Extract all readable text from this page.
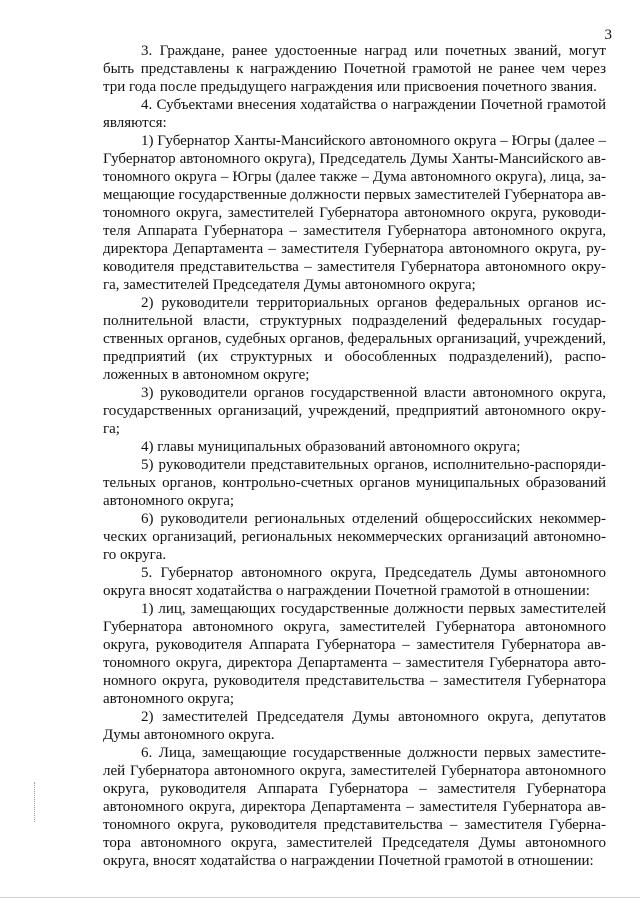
3

3. Граждане, ранее удостоенные наград или почетных званий, могут быть представлены к награждению Почетной грамотой не ранее чем через три года после предыдущего награждения или присвоения почетного звания.

4. Субъектами внесения ходатайства о награждении Почетной грамотой являются:

1) Губернатор Ханты-Мансийского автономного округа – Югры (далее – Губернатор автономного округа), Председатель Думы Ханты-Мансийского автономного округа – Югры (далее также – Дума автономного округа), лица, замещающие государственные должности первых заместителей Губернатора автономного округа, заместителей Губернатора автономного округа, руководителя Аппарата Губернатора – заместителя Губернатора автономного округа, директора Департамента – заместителя Губернатора автономного округа, руководителя представительства – заместителя Губернатора автономного округа, заместителей Председателя Думы автономного округа;

2) руководители территориальных органов федеральных органов исполнительной власти, структурных подразделений федеральных государственных органов, судебных органов, федеральных организаций, учреждений, предприятий (их структурных и обособленных подразделений), расположенных в автономном округе;

3) руководители органов государственной власти автономного округа, государственных организаций, учреждений, предприятий автономного округа;

4) главы муниципальных образований автономного округа;

5) руководители представительных органов, исполнительно-распорядительных органов, контрольно-счетных органов муниципальных образований автономного округа;

6) руководители региональных отделений общероссийских некоммерческих организаций, региональных некоммерческих организаций автономного округа.

5. Губернатор автономного округа, Председатель Думы автономного округа вносят ходатайства о награждении Почетной грамотой в отношении:

1) лиц, замещающих государственные должности первых заместителей Губернатора автономного округа, заместителей Губернатора автономного округа, руководителя Аппарата Губернатора – заместителя Губернатора автономного округа, директора Департамента – заместителя Губернатора автономного округа, руководителя представительства – заместителя Губернатора автономного округа;

2) заместителей Председателя Думы автономного округа, депутатов Думы автономного округа.

6. Лица, замещающие государственные должности первых заместителей Губернатора автономного округа, заместителей Губернатора автономного округа, руководителя Аппарата Губернатора – заместителя Губернатора автономного округа, директора Департамента – заместителя Губернатора автономного округа, руководителя представительства – заместителя Губернатора автономного округа, заместителей Председателя Думы автономного округа, вносят ходатайства о награждении Почетной грамотой в отношении:
